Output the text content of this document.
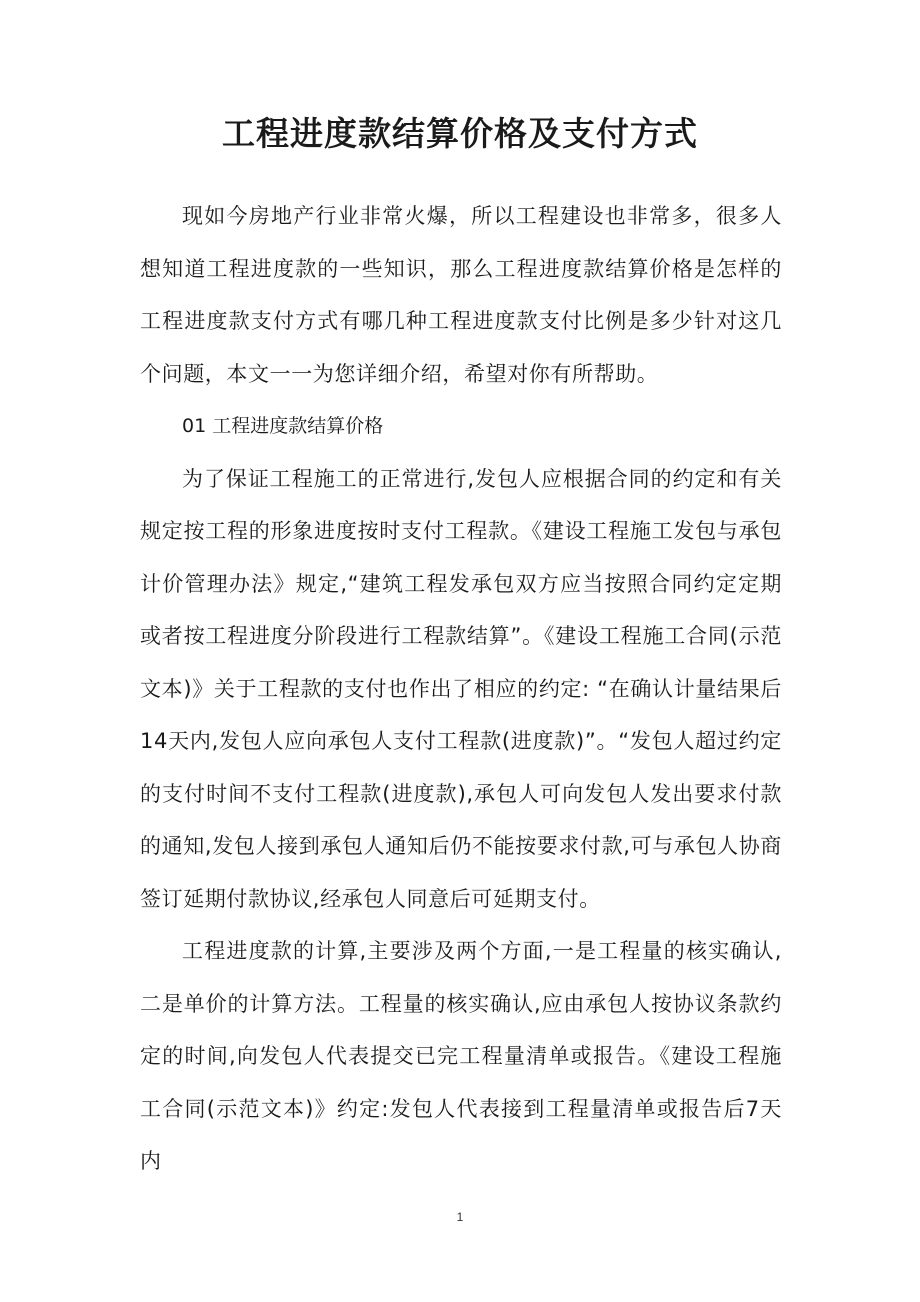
工程进度款结算价格及支付方式

现如今房地产行业非常火爆，所以工程建设也非常多，很多人想知道工程进度款的一些知识，那么工程进度款结算价格是怎样的工程进度款支付方式有哪几种工程进度款支付比例是多少针对这几个问题，本文一一为您详细介绍，希望对你有所帮助。

01 工程进度款结算价格

为了保证工程施工的正常进行,发包人应根据合同的约定和有关规定按工程的形象进度按时支付工程款。《建设工程施工发包与承包计价管理办法》规定,“建筑工程发承包双方应当按照合同约定定期或者按工程进度分阶段进行工程款结算”。《建设工程施工合同(示范文本)》关于工程款的支付也作出了相应的约定: “在确认计量结果后14天内,发包人应向承包人支付工程款(进度款)”。“发包人超过约定的支付时间不支付工程款(进度款),承包人可向发包人发出要求付款的通知,发包人接到承包人通知后仍不能按要求付款,可与承包人协商签订延期付款协议,经承包人同意后可延期支付。

工程进度款的计算,主要涉及两个方面,一是工程量的核实确认,二是单价的计算方法。工程量的核实确认,应由承包人按协议条款约定的时间,向发包人代表提交已完工程量清单或报告。《建设工程施工合同(示范文本)》约定:发包人代表接到工程量清单或报告后7天内

1
